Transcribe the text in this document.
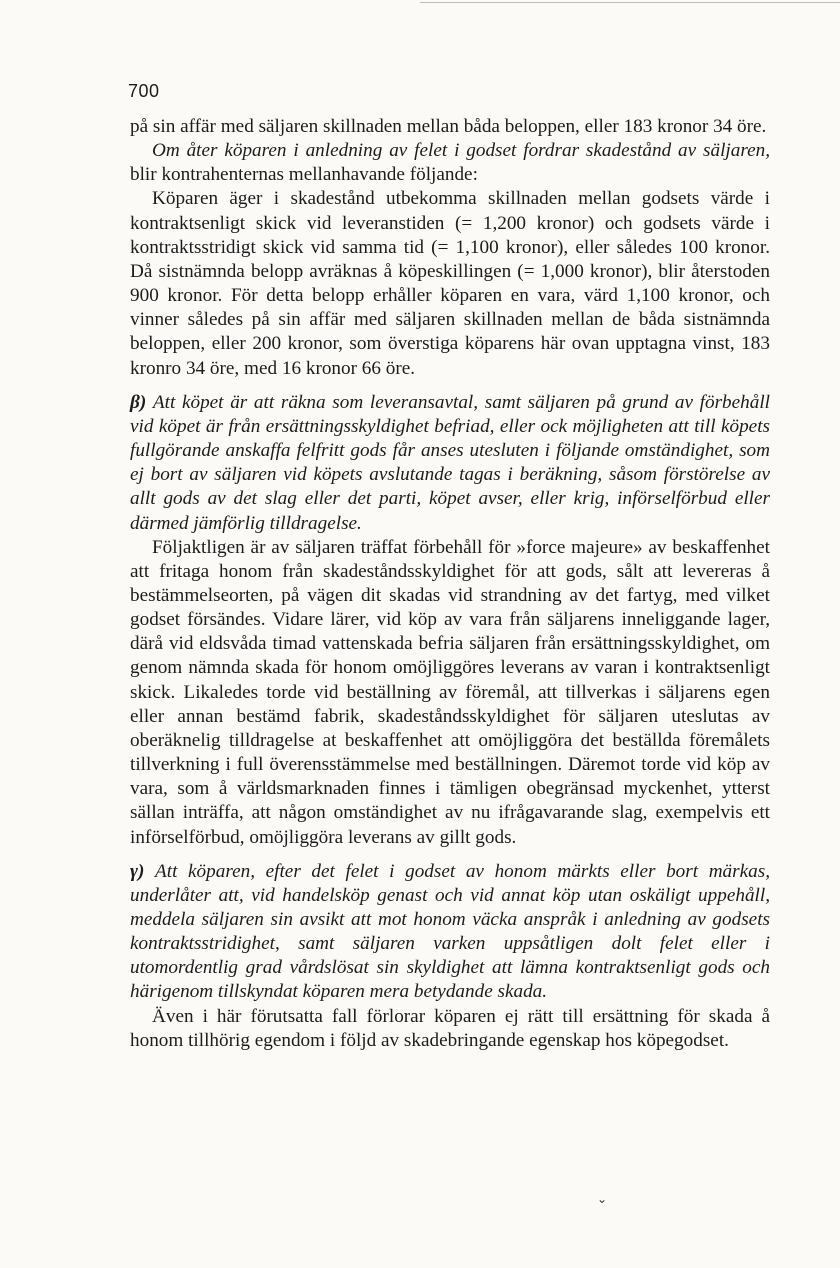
700

på sin affär med säljaren skillnaden mellan båda beloppen, eller 183 kronor 34 öre.

Om åter köparen i anledning av felet i godset fordrar skadestånd av säljaren, blir kontrahenternas mellanhavande följande:

Köparen äger i skadestånd utbekomma skillnaden mellan godsets värde i kontraktsenligt skick vid leveranstiden (= 1,200 kronor) och godsets värde i kontraktsstridigt skick vid samma tid (= 1,100 kronor), eller således 100 kronor. Då sistnämnda belopp avräknas å köpeskillingen (= 1,000 kronor), blir återstoden 900 kronor. För detta belopp erhåller köparen en vara, värd 1,100 kronor, och vinner således på sin affär med säljaren skillnaden mellan de båda sistnämnda beloppen, eller 200 kronor, som överstiga köparens här ovan upptagna vinst, 183 kronro 34 öre, med 16 kronor 66 öre.

β) Att köpet är att räkna som leveransavtal, samt säljaren på grund av förbehåll vid köpet är från ersättningsskyldighet befriad, eller ock möjligheten att till köpets fullgörande anskaffa felfritt gods får anses utesluten i följande omständighet, som ej bort av säljaren vid köpets avslutande tagas i beräkning, såsom förstörelse av allt gods av det slag eller det parti, köpet avser, eller krig, införselförbud eller därmed jämförlig tilldragelse.

Följaktligen är av säljaren träffat förbehåll för »force majeure» av beskaffenhet att fritaga honom från skadeståndsskyldighet för att gods, sålt att levereras å bestämmelseorten, på vägen dit skadas vid strandning av det fartyg, med vilket godset försändes. Vidare lärer, vid köp av vara från säljarens inneliggande lager, därå vid eldsvåda timad vattenskada befria säljaren från ersättningsskyldighet, om genom nämnda skada för honom omöjliggöres leverans av varan i kontraktsenligt skick. Likaledes torde vid beställning av föremål, att tillverkas i säljarens egen eller annan bestämd fabrik, skadeståndsskyldighet för säljaren uteslutas av oberäknelig tilldragelse at beskaffenhet att omöjliggöra det beställda föremålets tillverkning i full överensstämmelse med beställningen. Däremot torde vid köp av vara, som å världsmarknaden finnes i tämligen obegränsad myckenhet, ytterst sällan inträffa, att någon omständighet av nu ifrågavarande slag, exempelvis ett införselförbud, omöjliggöra leverans av gillt gods.

γ) Att köparen, efter det felet i godset av honom märkts eller bort märkas, underlåter att, vid handelsköp genast och vid annat köp utan oskäligt uppehåll, meddela säljaren sin avsikt att mot honom väcka anspråk i anledning av godsets kontraktsstridighet, samt säljaren varken uppsåtligen dolt felet eller i utomordentlig grad vårdslösat sin skyldighet att lämna kontraktsenligt gods och härigenom tillskyndat köparen mera betydande skada.

Även i här förutsatta fall förlorar köparen ej rätt till ersättning för skada å honom tillhörig egendom i följd av skadebringande egenskap hos köpegodset.

⌄
